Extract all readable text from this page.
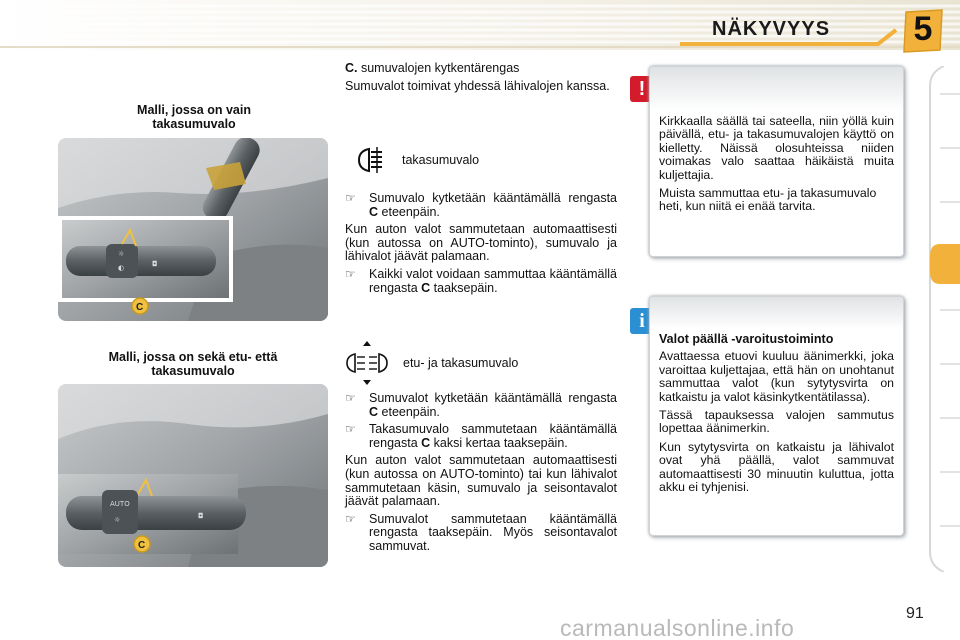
NÄKYVYYS	5
Malli, jossa on vain takasumuvalo
☼
◐	◘
C
Malli, jossa on sekä etu- että takasumuvalo
AUTO
☼	◘
C

C. sumuvalojen kytkentärengas

Sumuvalot toimivat yhdessä lähivalojen kanssa.

takasumuvalo
☞	Sumuvalo kytketään kääntämällä rengasta C eteenpäin.

Kun auton valot sammutetaan automaattisesti (kun autossa on AUTO-tominto), sumuvalo ja lähivalot jäävät palamaan.

☞	Kaikki valot voidaan sammuttaa kääntämällä rengasta C taaksepäin.
etu- ja takasumuvalo
☞	Sumuvalot kytketään kääntämällä rengasta C eteenpäin.
☞	Takasumuvalo sammutetaan kääntämällä rengasta C kaksi kertaa taaksepäin.

Kun auton valot sammutetaan automaattisesti (kun autossa on AUTO-tominto) tai kun lähivalot sammutetaan käsin, sumuvalo ja seisontavalot jäävät palamaan.

☞	Sumuvalot sammutetaan kääntämällä rengasta taaksepäin. Myös seisontavalot sammuvat.
!

Kirkkaalla säällä tai sateella, niin yöllä kuin päivällä, etu- ja takasumuvalojen käyttö on kielletty. Näissä olosuhteissa niiden voimakas valo saattaa häikäistä muita kuljettajia.

Muista sammuttaa etu- ja takasumuvalo heti, kun niitä ei enää tarvita.

i
Valot päällä -varoitustoiminto

Avattaessa etuovi kuuluu äänimerkki, joka varoittaa kuljettajaa, että hän on unohtanut sammuttaa valot (kun sytytysvirta on katkaistu ja valot käsinkytkentätilassa).

Tässä tapauksessa valojen sammutus lopettaa äänimerkin.

Kun sytytysvirta on katkaistu ja lähivalot ovat yhä päällä, valot sammuvat automaattisesti 30 minuutin kuluttua, jotta akku ei tyhjenisi.

91
carmanualsonline.info
